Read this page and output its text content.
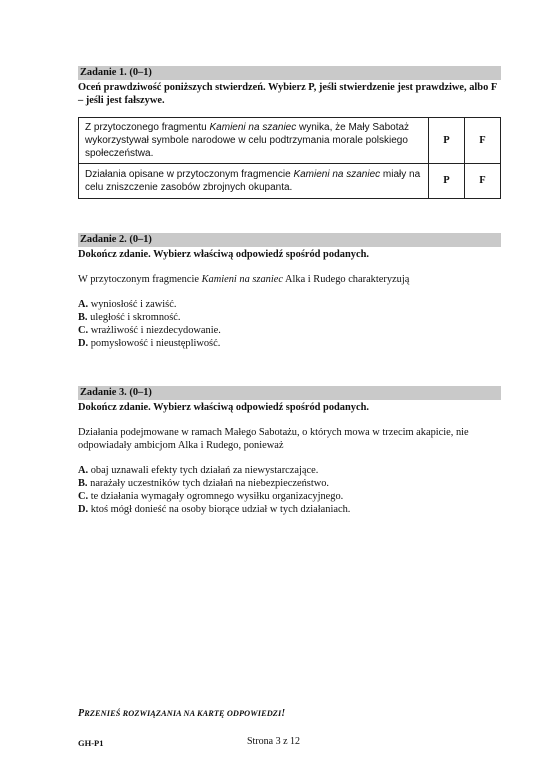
Zadanie 1. (0–1)
Oceń prawdziwość poniższych stwierdzeń. Wybierz P, jeśli stwierdzenie jest prawdziwe, albo F – jeśli jest fałszywe.
Z przytoczonego fragmentu Kamieni na szaniec wynika, że Mały Sabotaż wykorzystywał symbole narodowe w celu podtrzymania morale polskiego społeczeństwa.	P	F
Działania opisane w przytoczonym fragmencie Kamieni na szaniec miały na celu zniszczenie zasobów zbrojnych okupanta.	P	F
Zadanie 2. (0–1)
Dokończ zdanie. Wybierz właściwą odpowiedź spośród podanych.
W przytoczonym fragmencie Kamieni na szaniec Alka i Rudego charakteryzują
A. wyniosłość i zawiść.
B. uległość i skromność.
C. wrażliwość i niezdecydowanie.
D. pomysłowość i nieustępliwość.
Zadanie 3. (0–1)
Dokończ zdanie. Wybierz właściwą odpowiedź spośród podanych.
Działania podejmowane w ramach Małego Sabotażu, o których mowa w trzecim akapicie, nie odpowiadały ambicjom Alka i Rudego, ponieważ
A. obaj uznawali efekty tych działań za niewystarczające.
B. narażały uczestników tych działań na niebezpieczeństwo.
C. te działania wymagały ogromnego wysiłku organizacyjnego.
D. ktoś mógł donieść na osoby biorące udział w tych działaniach.
PRZENIEŚ ROZWIĄZANIA NA KARTĘ ODPOWIEDZI!
GH-P1	Strona 3 z 12
